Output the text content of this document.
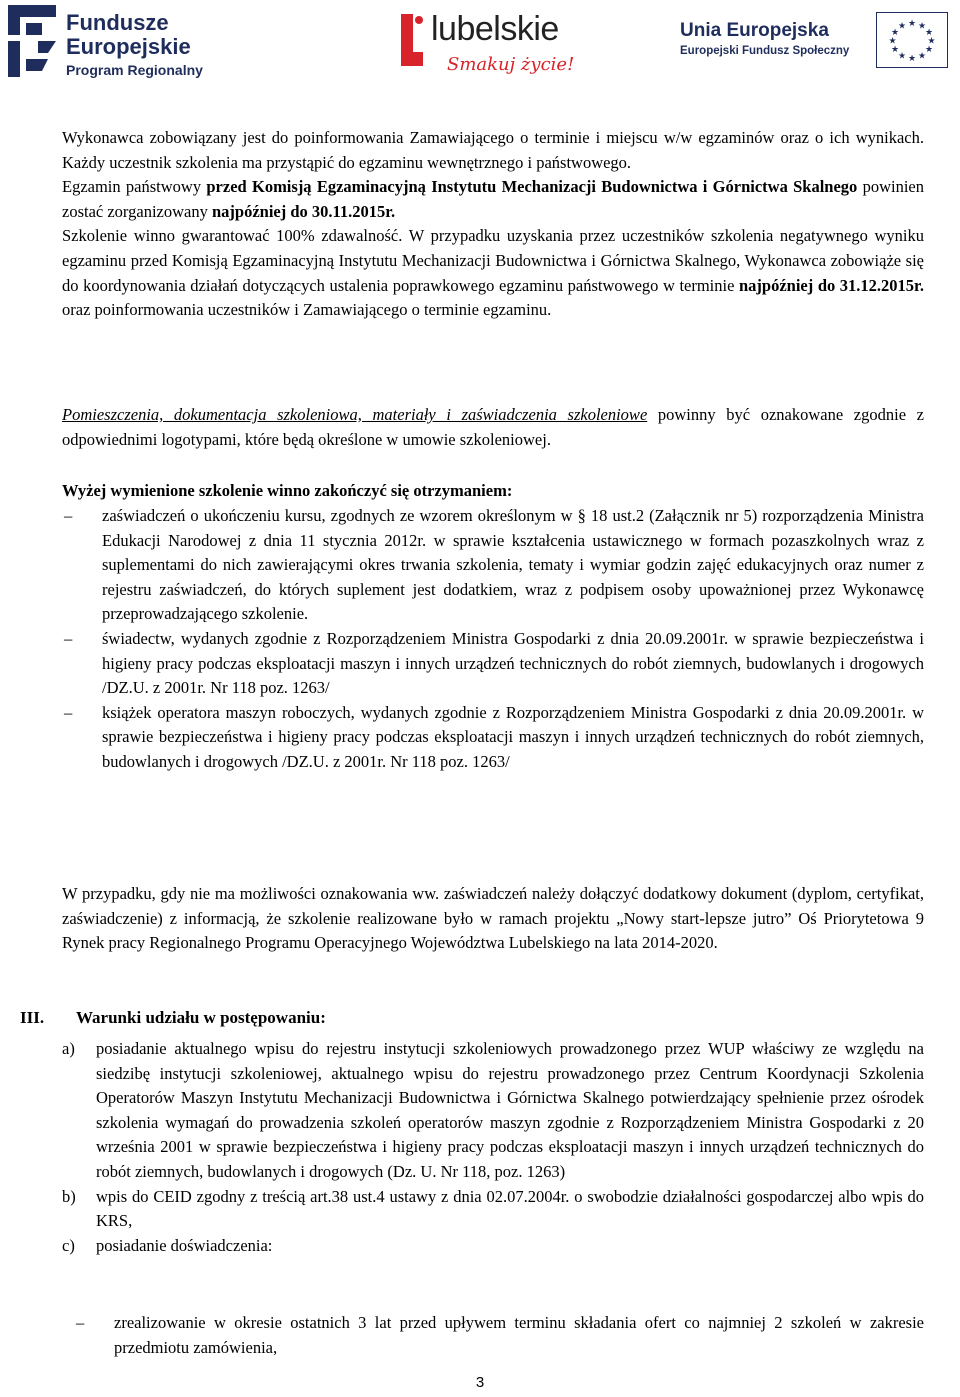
Fundusze
Europejskie
Program Regionalny
lubelskie
Smakuj życie!
Unia Europejska
Europejski Fundusz Społeczny
★ ★
★
★
★
★
★
★
★
★
★
★

Wykonawca zobowiązany jest do poinformowania Zamawiającego o terminie i miejscu w/w egzaminów oraz o ich wynikach. Każdy uczestnik szkolenia ma przystąpić do egzaminu wewnętrznego i państwowego.

Egzamin państwowy przed Komisją Egzaminacyjną Instytutu Mechanizacji Budownictwa i Górnictwa Skalnego powinien zostać zorganizowany najpóźniej do 30.11.2015r.

Szkolenie winno gwarantować 100% zdawalność. W przypadku uzyskania przez uczestników szkolenia negatywnego wyniku egzaminu przed Komisją Egzaminacyjną Instytutu Mechanizacji Budownictwa i Górnictwa Skalnego, Wykonawca zobowiąże się do koordynowania działań dotyczących ustalenia poprawkowego egzaminu państwowego w terminie najpóźniej do 31.12.2015r. oraz poinformowania uczestników i Zamawiającego o terminie egzaminu.

Pomieszczenia, dokumentacja szkoleniowa, materiały i zaświadczenia szkoleniowe powinny być oznakowane zgodnie z odpowiednimi logotypami, które będą określone w umowie szkoleniowej.

Wyżej wymienione szkolenie winno zakończyć się otrzymaniem:

– zaświadczeń o ukończeniu kursu, zgodnych ze wzorem określonym w § 18 ust.2 (Załącznik nr 5) rozporządzenia Ministra Edukacji Narodowej z dnia 11 stycznia 2012r. w sprawie kształcenia ustawicznego w formach pozaszkolnych wraz z suplementami do nich zawierającymi okres trwania szkolenia, tematy i wymiar godzin zajęć edukacyjnych oraz numer z rejestru zaświadczeń, do których suplement jest dodatkiem, wraz z podpisem osoby upoważnionej przez Wykonawcę przeprowadzającego szkolenie.

– świadectw, wydanych zgodnie z Rozporządzeniem Ministra Gospodarki z dnia 20.09.2001r. w sprawie bezpieczeństwa i higieny pracy podczas eksploatacji maszyn i innych urządzeń technicznych do robót ziemnych, budowlanych i drogowych /DZ.U. z 2001r. Nr 118 poz. 1263/

– książek operatora maszyn roboczych, wydanych zgodnie z Rozporządzeniem Ministra Gospodarki z dnia 20.09.2001r. w sprawie bezpieczeństwa i higieny pracy podczas eksploatacji maszyn i innych urządzeń technicznych do robót ziemnych, budowlanych i drogowych /DZ.U. z 2001r. Nr 118 poz. 1263/

W przypadku, gdy nie ma możliwości oznakowania ww. zaświadczeń należy dołączyć dodatkowy dokument (dyplom, certyfikat, zaświadczenie) z informacją, że szkolenie realizowane było w ramach projektu „Nowy start-lepsze jutro” Oś Priorytetowa 9 Rynek pracy Regionalnego Programu Operacyjnego Województwa Lubelskiego na lata 2014-2020.

III. Warunki udziału w postępowaniu:

a) posiadanie aktualnego wpisu do rejestru instytucji szkoleniowych prowadzonego przez WUP właściwy ze względu na siedzibę instytucji szkoleniowej, aktualnego wpisu do rejestru prowadzonego przez Centrum Koordynacji Szkolenia Operatorów Maszyn Instytutu Mechanizacji Budownictwa i Górnictwa Skalnego potwierdzający spełnienie przez ośrodek szkolenia wymagań do prowadzenia szkoleń operatorów maszyn zgodnie z Rozporządzeniem Ministra Gospodarki z 20 września 2001 w sprawie bezpieczeństwa i higieny pracy podczas eksploatacji maszyn i innych urządzeń technicznych do robót ziemnych, budowlanych i drogowych (Dz. U. Nr 118, poz. 1263)

b) wpis do CEID zgodny z treścią art.38 ust.4 ustawy z dnia 02.07.2004r. o swobodzie działalności gospodarczej albo wpis do KRS,

c) posiadanie doświadczenia:

– zrealizowanie w okresie ostatnich 3 lat przed upływem terminu składania ofert co najmniej 2 szkoleń w zakresie przedmiotu zamówienia,

3
